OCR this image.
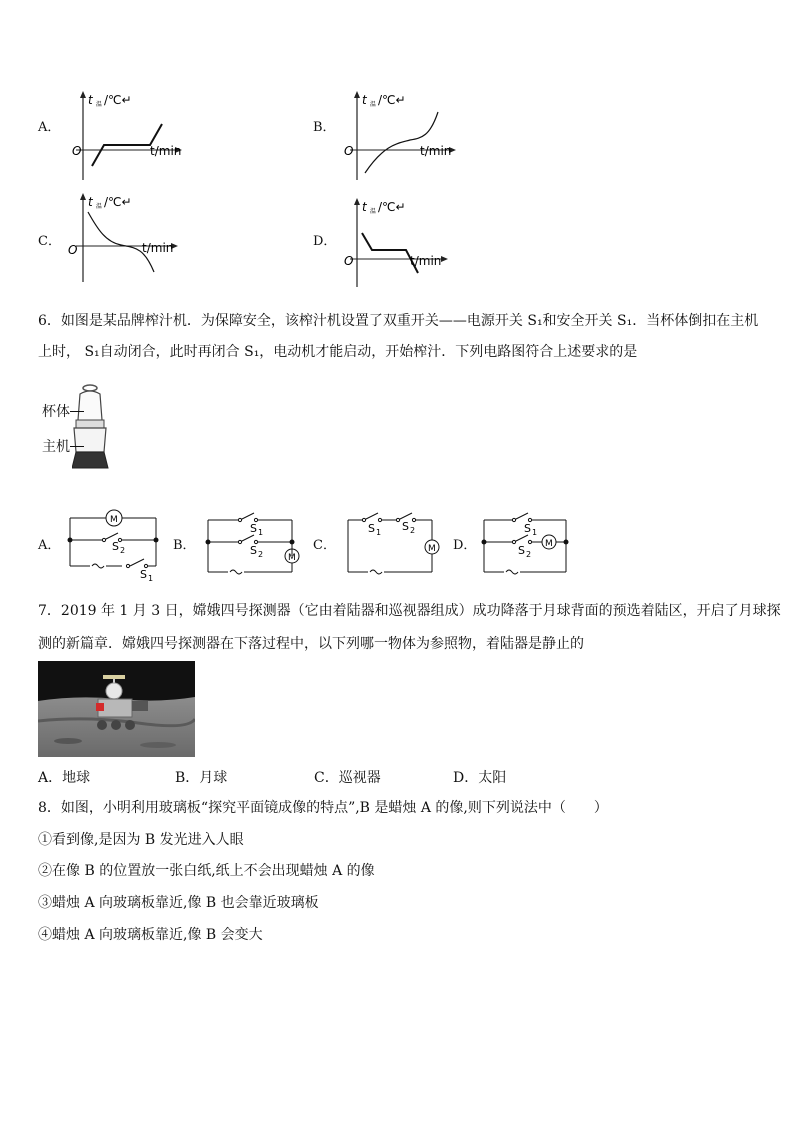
A．
t 温 /℃↵
O	t/min
B．
t 温 /℃↵
O	t/min
C．
t 温 /℃↵
O	t/min	D．
t 温 /℃↵
O	t/min
6．如图是某品牌榨汁机．为保障安全，该榨汁机设置了双重开关——电源开关 S₁和安全开关 S₁．当杯体倒扣在主机
上时， S₁自动闭合，此时再闭合 S₁，电动机才能启动，开始榨汁．下列电路图符合上述要求的是
杯体
主机
A．
M
S 2
S 1
B．
M
S 1
S 2
C．	M
S 1 S 2
D．	M
S 1
S 2
7．2019 年 1 月 3 日，嫦娥四号探测器（它由着陆器和巡视器组成）成功降落于月球背面的预选着陆区，开启了月球探
测的新篇章．嫦娥四号探测器在下落过程中，以下列哪一物体为参照物，着陆器是静止的
A．地球	B．月球	C．巡视器	D．太阳
8．如图，小明利用玻璃板“探究平面镜成像的特点”,B 是蜡烛 A 的像,则下列说法中（　　）
①看到像,是因为 B 发光进入人眼
②在像 B 的位置放一张白纸,纸上不会出现蜡烛 A 的像
③蜡烛 A 向玻璃板靠近,像 B 也会靠近玻璃板
④蜡烛 A 向玻璃板靠近,像 B 会变大
